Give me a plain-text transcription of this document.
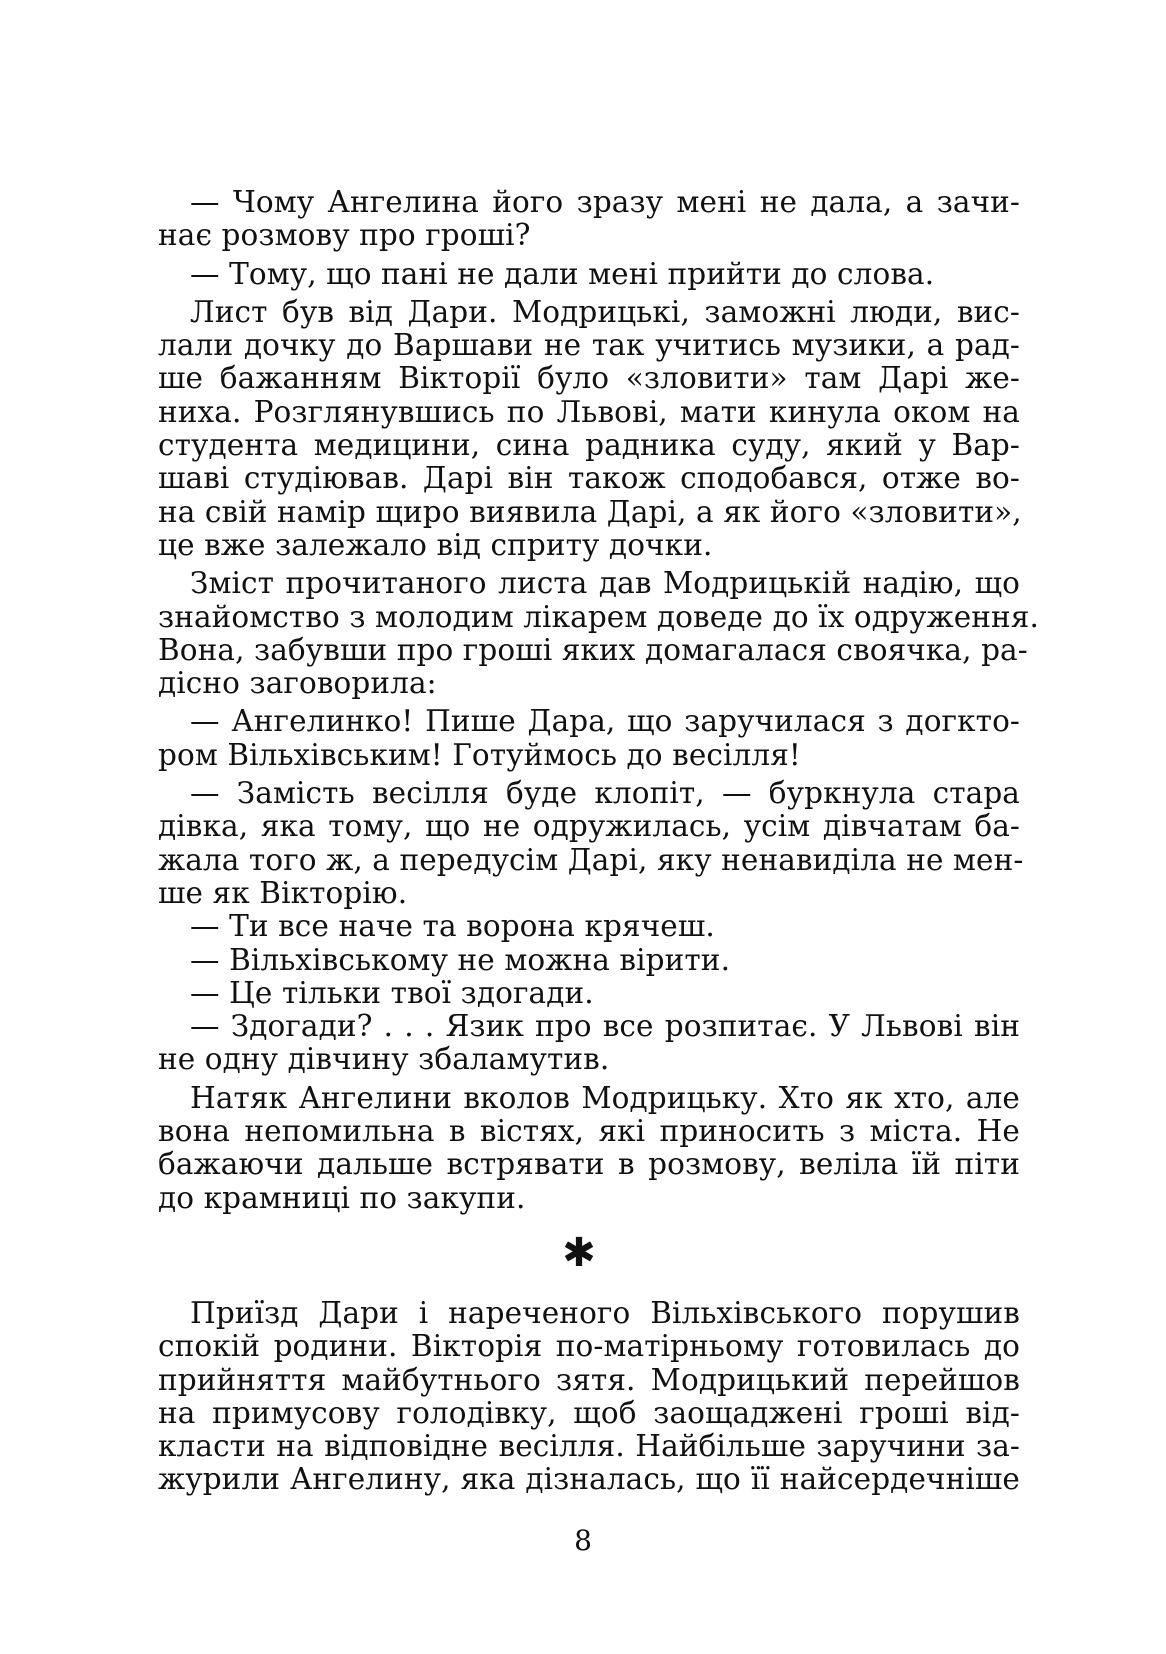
— Чому Ангелина його зразу мені не дала, а зачи-
нає розмову про гроші?
— Тому, що пані не дали мені прийти до слова.
Лист був від Дари. Модрицькі, заможні люди, вис-
лали дочку до Варшави не так учитись музики, а рад-
ше бажанням Вікторії було «зловити» там Дарі же-
ниха. Розглянувшись по Львові, мати кинула оком на
студента медицини, сина радника суду, який у Вар-
шаві студіював. Дарі він також сподобався, отже во-
на свій намір щиро виявила Дарі, а як його «зловити»,
це вже залежало від сприту дочки.
Зміст прочитаного листа дав Модрицькій надію, що
знайомство з молодим лікарем доведе до їх одруження.
Вона, забувши про гроші яких домагалася своячка, ра-
дісно заговорила:
— Ангелинко! Пише Дара, що заручилася з догкто-
ром Вільхівським! Готуймось до весілля!
— Замість весілля буде клопіт, — буркнула стара
дівка, яка тому, що не одружилась, усім дівчатам ба-
жала того ж, а передусім Дарі, яку ненавиділа не мен-
ше як Вікторію.
— Ти все наче та ворона крячеш.
— Вільхівському не можна вірити.
— Це тільки твої здогади.
— Здогади? . . . Язик про все розпитає. У Львові він
не одну дівчину збаламутив.
Натяк Ангелини вколов Модрицьку. Хто як хто, але
вона непомильна в вістях, які приносить з міста. Не
бажаючи дальше встрявати в розмову, веліла їй піти
до крамниці по закупи.
✱
Приїзд Дари і нареченого Вільхівського порушив
спокій родини. Вікторія по-матірньому готовилась до
прийняття майбутнього зятя. Модрицький перейшов
на примусову голодівку, щоб заощаджені гроші від-
класти на відповідне весілля. Найбільше заручини за-
журили Ангелину, яка дізналась, що її найсердечніше
8
